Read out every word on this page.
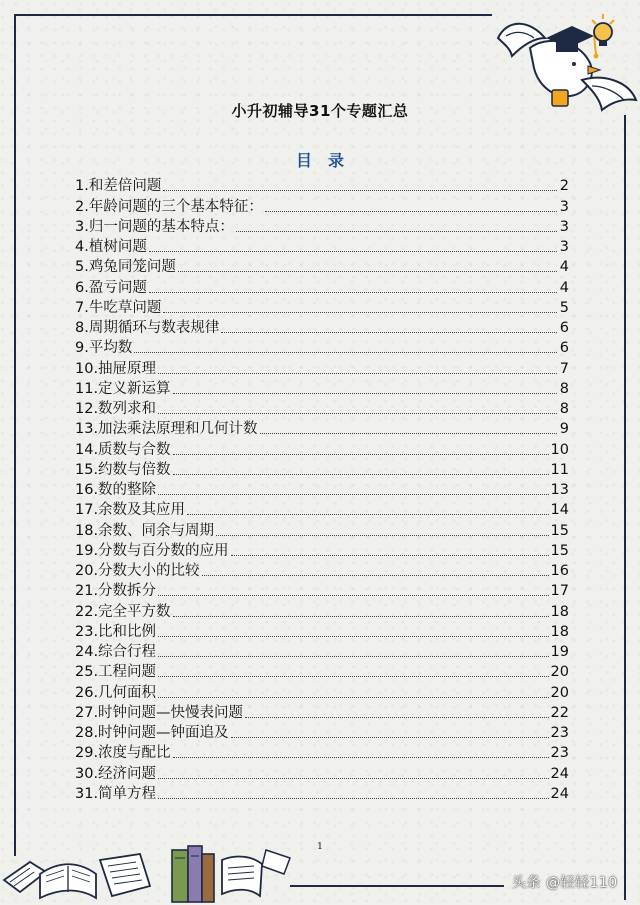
小升初辅导31个专题汇总
目　录
1.和差倍问题	2
2.年龄问题的三个基本特征：	3
3.归一问题的基本特点：	3
4.植树问题	3
5.鸡兔同笼问题	4
6.盈亏问题	4
7.牛吃草问题	5
8.周期循环与数表规律	6
9.平均数	6
10.抽屉原理	7
11.定义新运算	8
12.数列求和	8
13.加法乘法原理和几何计数	9
14.质数与合数	10
15.约数与倍数	11
16.数的整除	13
17.余数及其应用	14
18.余数、同余与周期	15
19.分数与百分数的应用	15
20.分数大小的比较	16
21.分数拆分	17
22.完全平方数	18
23.比和比例	18
24.综合行程	19
25.工程问题	20
26.几何面积	20
27.时钟问题—快慢表问题	22
28.时钟问题—钟面追及	23
29.浓度与配比	23
30.经济问题	24
31.简单方程	24
1
头条 @轻轻110
